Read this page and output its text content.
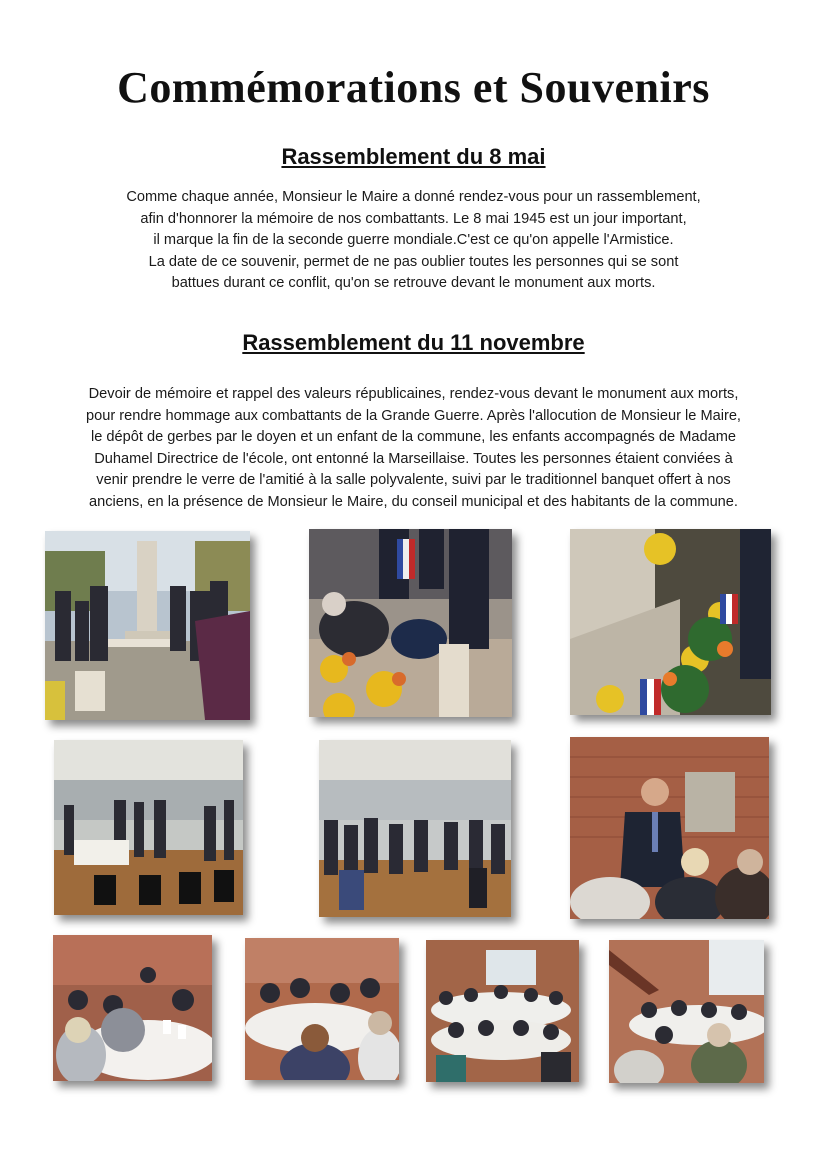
Commémorations et Souvenirs
Rassemblement du 8 mai
Comme chaque année, Monsieur le Maire a donné rendez-vous pour un rassemblement,
afin d'honnorer la mémoire de nos combattants. Le 8 mai 1945 est un jour important,
il marque la fin de la seconde guerre mondiale.C'est ce qu'on appelle l'Armistice.
La date de ce souvenir, permet de ne pas oublier toutes les personnes qui se sont
battues durant ce conflit, qu'on se retrouve devant le monument aux morts.
Rassemblement du 11 novembre
Devoir de mémoire et rappel des valeurs républicaines, rendez-vous devant le monument aux morts,
pour rendre hommage aux combattants de la Grande Guerre. Après l'allocution de Monsieur le Maire,
le dépôt de gerbes par le doyen et un enfant de la commune, les enfants accompagnés de Madame
Duhamel Directrice de l'école, ont entonné la Marseillaise. Toutes les personnes étaient conviées à
venir prendre le verre de l'amitié à la salle polyvalente, suivi par le traditionnel banquet offert à nos
anciens, en la présence de Monsieur le Maire, du conseil municipal et des habitants de la commune.
